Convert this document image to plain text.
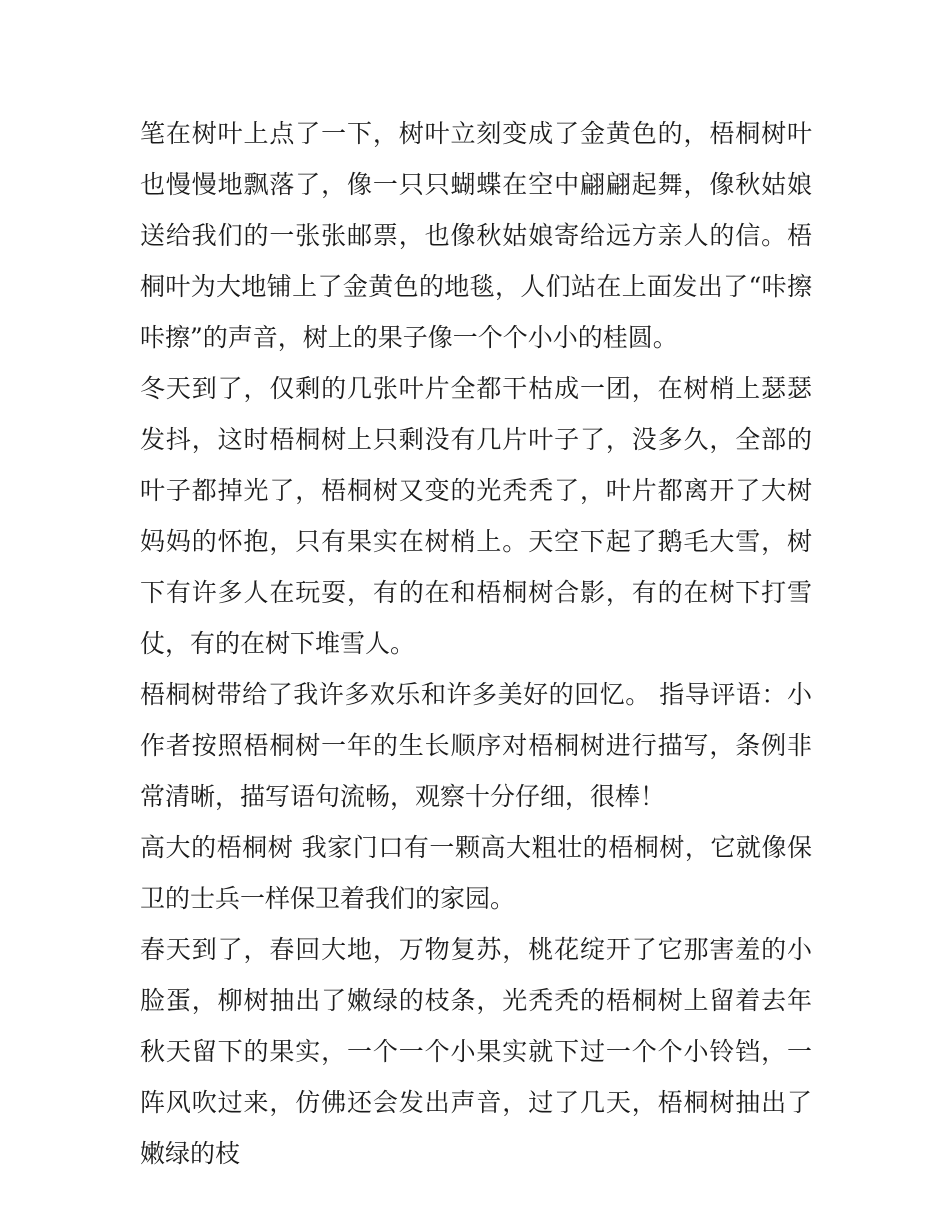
笔在树叶上点了一下，树叶立刻变成了金黄色的，梧桐树叶也慢慢地飘落了，像一只只蝴蝶在空中翩翩起舞，像秋姑娘送给我们的一张张邮票，也像秋姑娘寄给远方亲人的信。梧桐叶为大地铺上了金黄色的地毯，人们站在上面发出了“咔擦咔擦”的声音，树上的果子像一个个小小的桂圆。

冬天到了，仅剩的几张叶片全都干枯成一团，在树梢上瑟瑟发抖，这时梧桐树上只剩没有几片叶子了，没多久，全部的叶子都掉光了，梧桐树又变的光秃秃了，叶片都离开了大树妈妈的怀抱，只有果实在树梢上。天空下起了鹅毛大雪，树下有许多人在玩耍，有的在和梧桐树合影，有的在树下打雪仗，有的在树下堆雪人。

梧桐树带给了我许多欢乐和许多美好的回忆。 指导评语：小作者按照梧桐树一年的生长顺序对梧桐树进行描写，条例非常清晰，描写语句流畅，观察十分仔细，很棒！

高大的梧桐树 我家门口有一颗高大粗壮的梧桐树，它就像保卫的士兵一样保卫着我们的家园。

春天到了，春回大地，万物复苏，桃花绽开了它那害羞的小脸蛋，柳树抽出了嫩绿的枝条，光秃秃的梧桐树上留着去年秋天留下的果实，一个一个小果实就下过一个个小铃铛，一阵风吹过来，仿佛还会发出声音，过了几天，梧桐树抽出了嫩绿的枝
